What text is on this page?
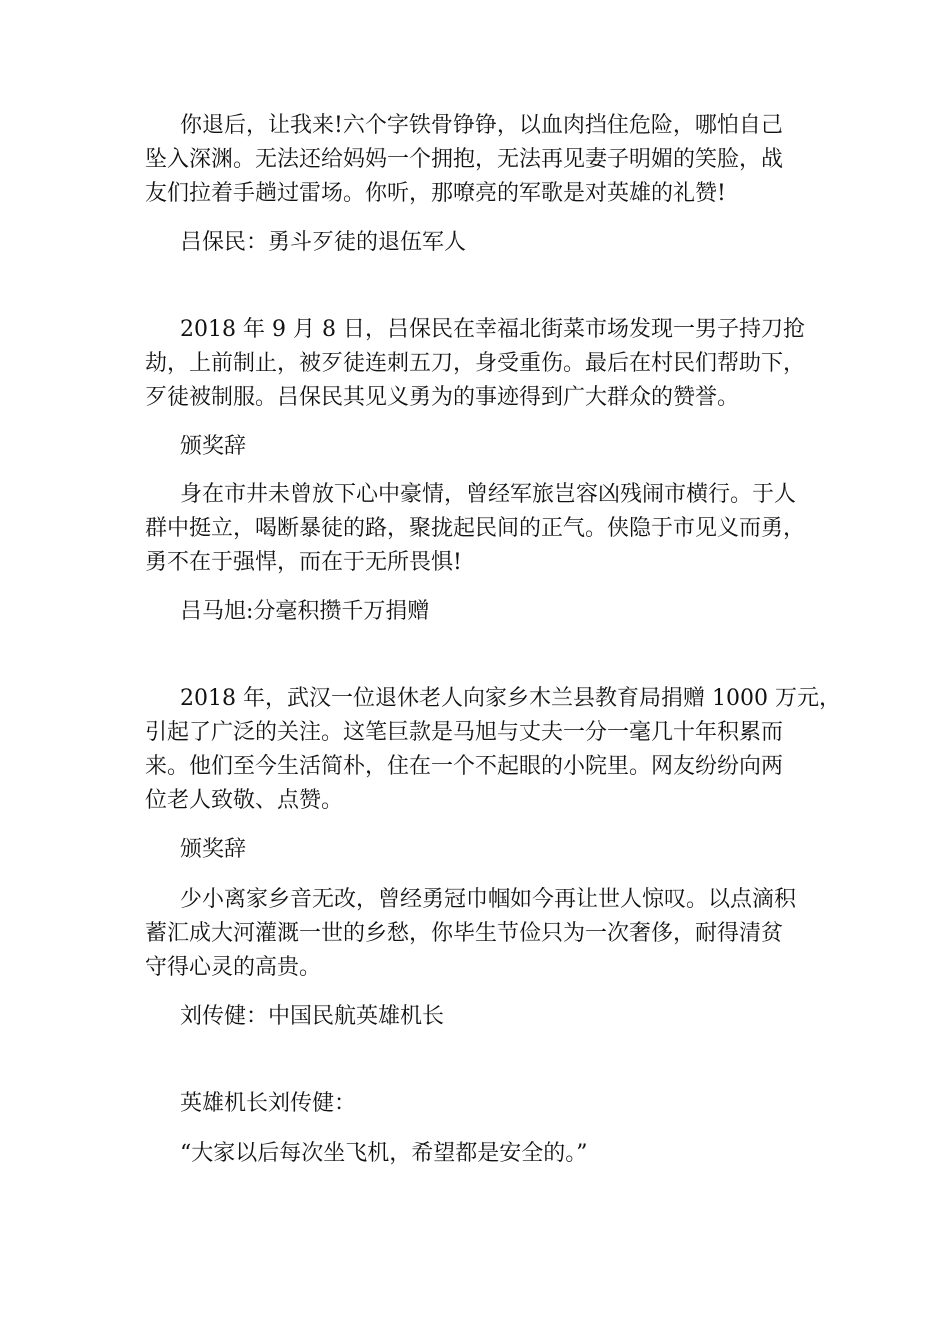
你退后，让我来!六个字铁骨铮铮，以血肉挡住危险，哪怕自己
坠入深渊。无法还给妈妈一个拥抱，无法再见妻子明媚的笑脸，战
友们拉着手趟过雷场。你听，那嘹亮的军歌是对英雄的礼赞!
吕保民：勇斗歹徒的退伍军人
2018 年 9 月 8 日，吕保民在幸福北街菜市场发现一男子持刀抢
劫，上前制止，被歹徒连刺五刀，身受重伤。最后在村民们帮助下，
歹徒被制服。吕保民其见义勇为的事迹得到广大群众的赞誉。
颁奖辞
身在市井未曾放下心中豪情，曾经军旅岂容凶残闹市横行。于人
群中挺立，喝断暴徒的路，聚拢起民间的正气。侠隐于市见义而勇，
勇不在于强悍，而在于无所畏惧!
吕马旭:分毫积攒千万捐赠
2018 年，武汉一位退休老人向家乡木兰县教育局捐赠 1000 万元，
引起了广泛的关注。这笔巨款是马旭与丈夫一分一毫几十年积累而
来。他们至今生活简朴，住在一个不起眼的小院里。网友纷纷向两
位老人致敬、点赞。
颁奖辞
少小离家乡音无改，曾经勇冠巾帼如今再让世人惊叹。以点滴积
蓄汇成大河灌溉一世的乡愁，你毕生节俭只为一次奢侈，耐得清贫
守得心灵的高贵。
刘传健：中国民航英雄机长
英雄机长刘传健：
“大家以后每次坐飞机，希望都是安全的。”
